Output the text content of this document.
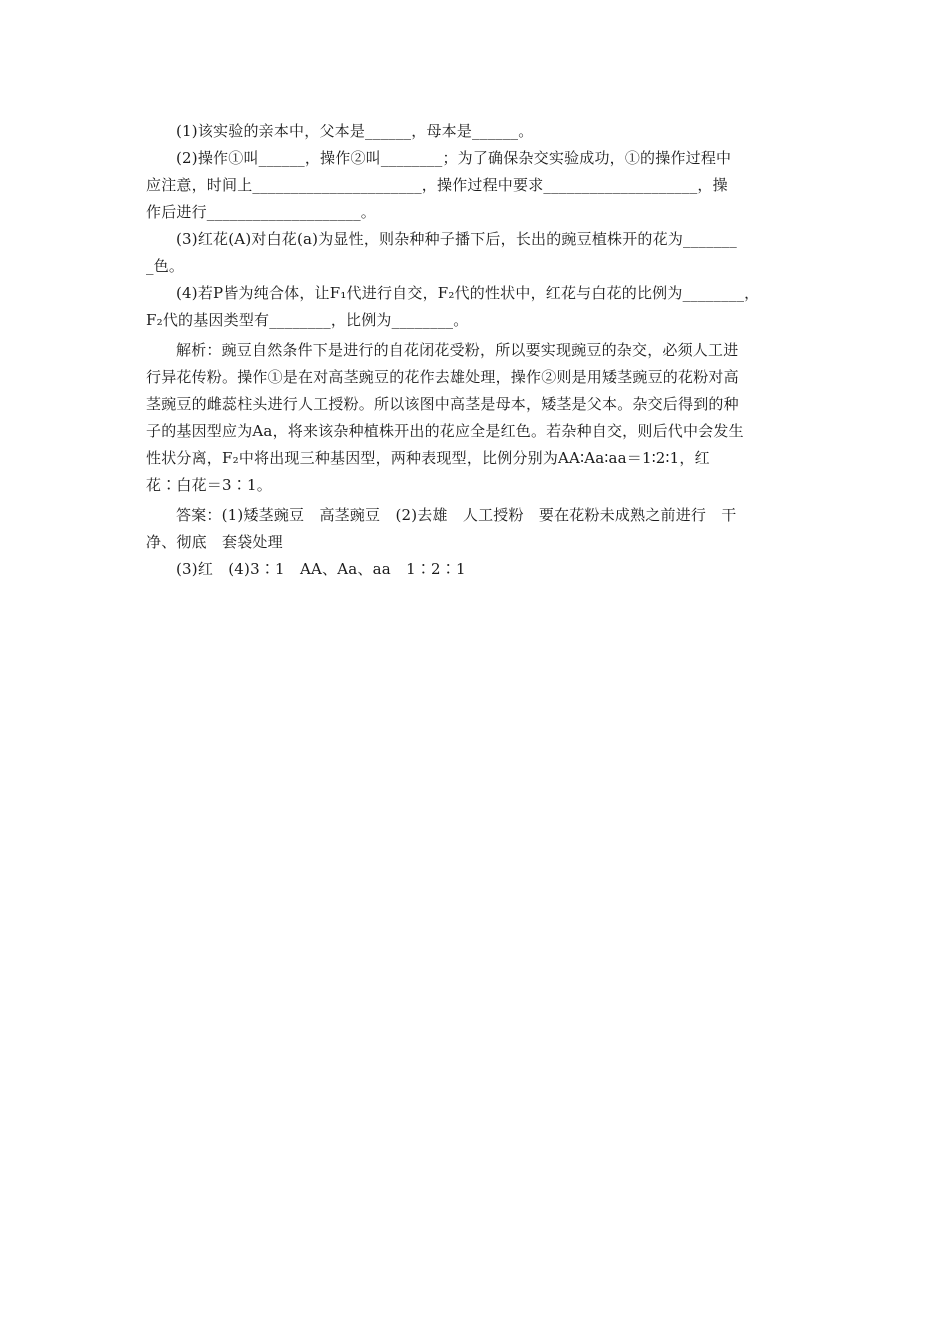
(1)该实验的亲本中，父本是______，母本是______。
(2)操作①叫______，操作②叫________；为了确保杂交实验成功，①的操作过程中
应注意，时间上______________________，操作过程中要求____________________，操
作后进行____________________。
(3)红花(A)对白花(a)为显性，则杂种种子播下后，长出的豌豆植株开的花为_______
_色。
(4)若P皆为纯合体，让F₁代进行自交，F₂代的性状中，红花与白花的比例为________，
F₂代的基因类型有________，比例为________。
解析：豌豆自然条件下是进行的自花闭花受粉，所以要实现豌豆的杂交，必须人工进
行异花传粉。操作①是在对高茎豌豆的花作去雄处理，操作②则是用矮茎豌豆的花粉对高
茎豌豆的雌蕊柱头进行人工授粉。所以该图中高茎是母本，矮茎是父本。杂交后得到的种
子的基因型应为Aa，将来该杂种植株开出的花应全是红色。若杂种自交，则后代中会发生
性状分离，F₂中将出现三种基因型，两种表现型，比例分别为AA∶Aa∶aa＝1∶2∶1，红
花∶白花＝3∶1。
答案：(1)矮茎豌豆　高茎豌豆　(2)去雄　人工授粉　要在花粉未成熟之前进行　干
净、彻底　套袋处理
(3)红　(4)3∶1　AA、Aa、aa　1∶2∶1
